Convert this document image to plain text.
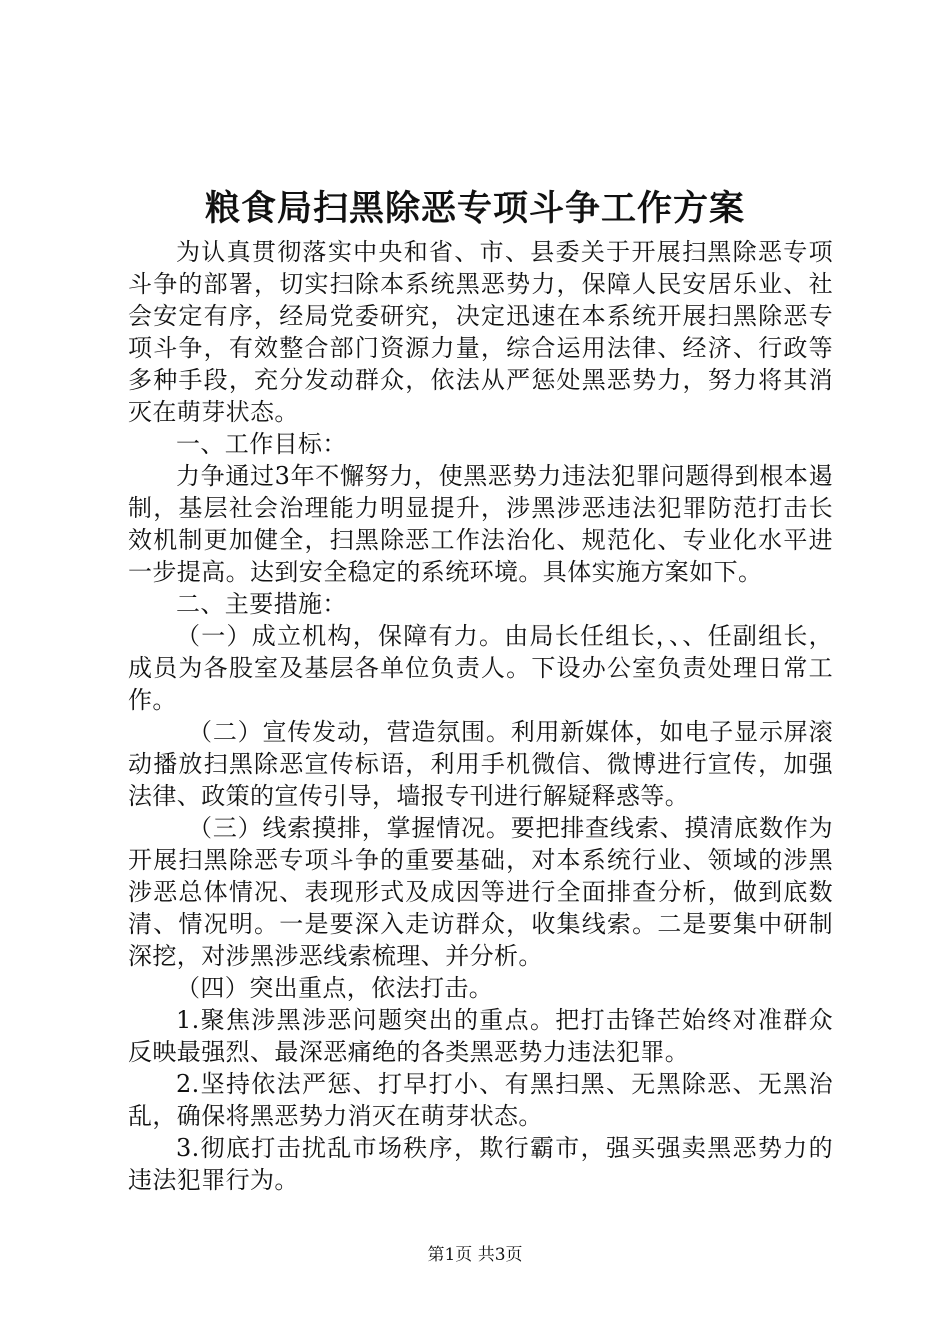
粮食局扫黑除恶专项斗争工作方案

为认真贯彻落实中央和省、市、县委关于开展扫黑除恶专项斗争的部署，切实扫除本系统黑恶势力，保障人民安居乐业、社会安定有序，经局党委研究，决定迅速在本系统开展扫黑除恶专项斗争，有效整合部门资源力量，综合运用法律、经济、行政等多种手段，充分发动群众，依法从严惩处黑恶势力，努力将其消灭在萌芽状态。

一、工作目标：

力争通过3年不懈努力，使黑恶势力违法犯罪问题得到根本遏制，基层社会治理能力明显提升，涉黑涉恶违法犯罪防范打击长效机制更加健全，扫黑除恶工作法治化、规范化、专业化水平进一步提高。达到安全稳定的系统环境。具体实施方案如下。

二、主要措施：

（一）成立机构，保障有力。由局长任组长，、、任副组长，成员为各股室及基层各单位负责人。下设办公室负责处理日常工作。

（二）宣传发动，营造氛围。利用新媒体，如电子显示屏滚动播放扫黑除恶宣传标语，利用手机微信、微博进行宣传，加强法律、政策的宣传引导，墙报专刊进行解疑释惑等。

（三）线索摸排，掌握情况。要把排查线索、摸清底数作为开展扫黑除恶专项斗争的重要基础，对本系统行业、领域的涉黑涉恶总体情况、表现形式及成因等进行全面排查分析，做到底数清、情况明。一是要深入走访群众，收集线索。二是要集中研制深挖，对涉黑涉恶线索梳理、并分析。

（四）突出重点，依法打击。

1.聚焦涉黑涉恶问题突出的重点。把打击锋芒始终对准群众反映最强烈、最深恶痛绝的各类黑恶势力违法犯罪。

2.坚持依法严惩、打早打小、有黑扫黑、无黑除恶、无黑治乱，确保将黑恶势力消灭在萌芽状态。

3.彻底打击扰乱市场秩序，欺行霸市，强买强卖黑恶势力的违法犯罪行为。

第1页 共3页
